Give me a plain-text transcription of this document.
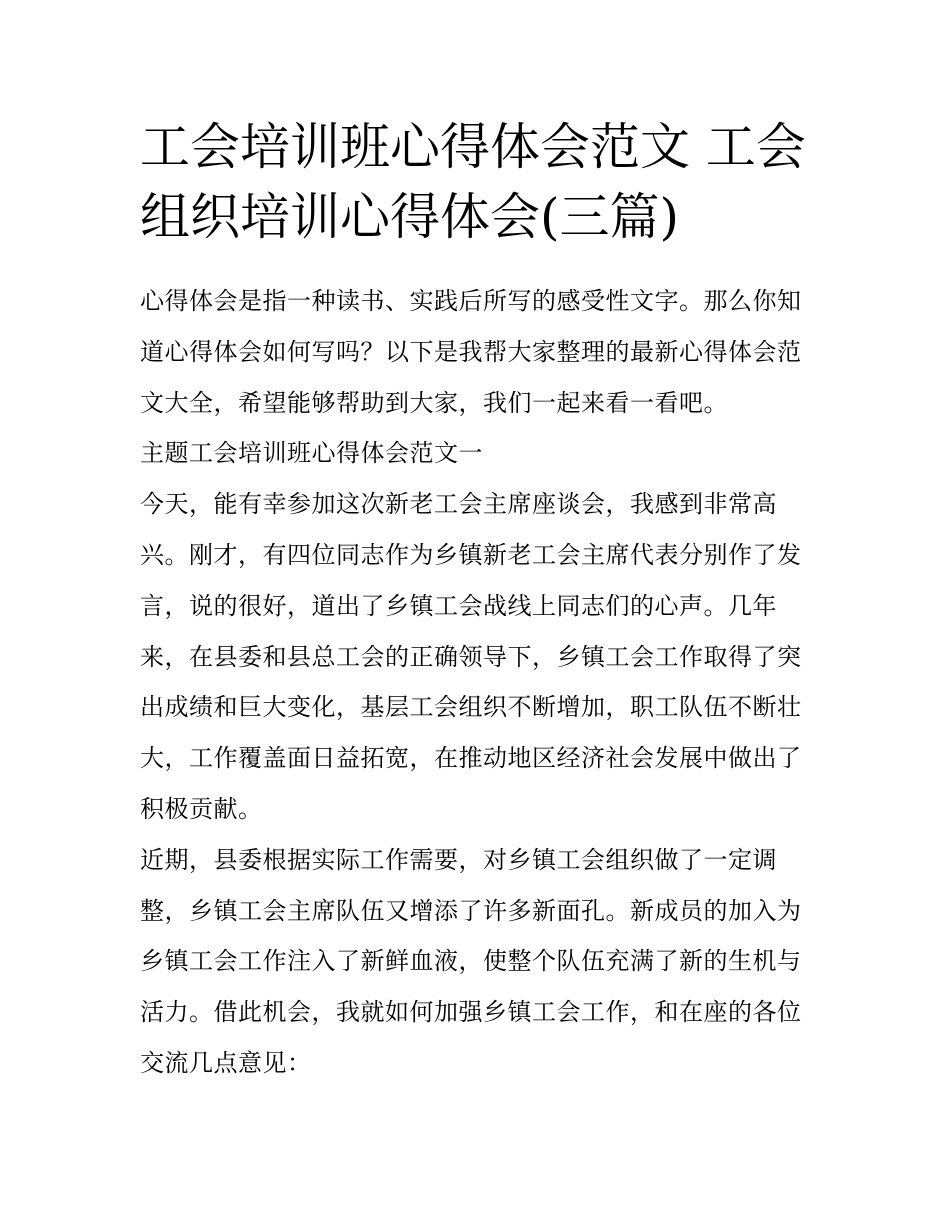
工会培训班心得体会范文 工会
组织培训心得体会(三篇)
心得体会是指一种读书、实践后所写的感受性文字。那么你知
道心得体会如何写吗？以下是我帮大家整理的最新心得体会范
文大全，希望能够帮助到大家，我们一起来看一看吧。
主题工会培训班心得体会范文一
今天，能有幸参加这次新老工会主席座谈会，我感到非常高
兴。刚才，有四位同志作为乡镇新老工会主席代表分别作了发
言，说的很好，道出了乡镇工会战线上同志们的心声。几年
来，在县委和县总工会的正确领导下，乡镇工会工作取得了突
出成绩和巨大变化，基层工会组织不断增加，职工队伍不断壮
大，工作覆盖面日益拓宽，在推动地区经济社会发展中做出了
积极贡献。
近期，县委根据实际工作需要，对乡镇工会组织做了一定调
整，乡镇工会主席队伍又增添了许多新面孔。新成员的加入为
乡镇工会工作注入了新鲜血液，使整个队伍充满了新的生机与
活力。借此机会，我就如何加强乡镇工会工作，和在座的各位
交流几点意见：
